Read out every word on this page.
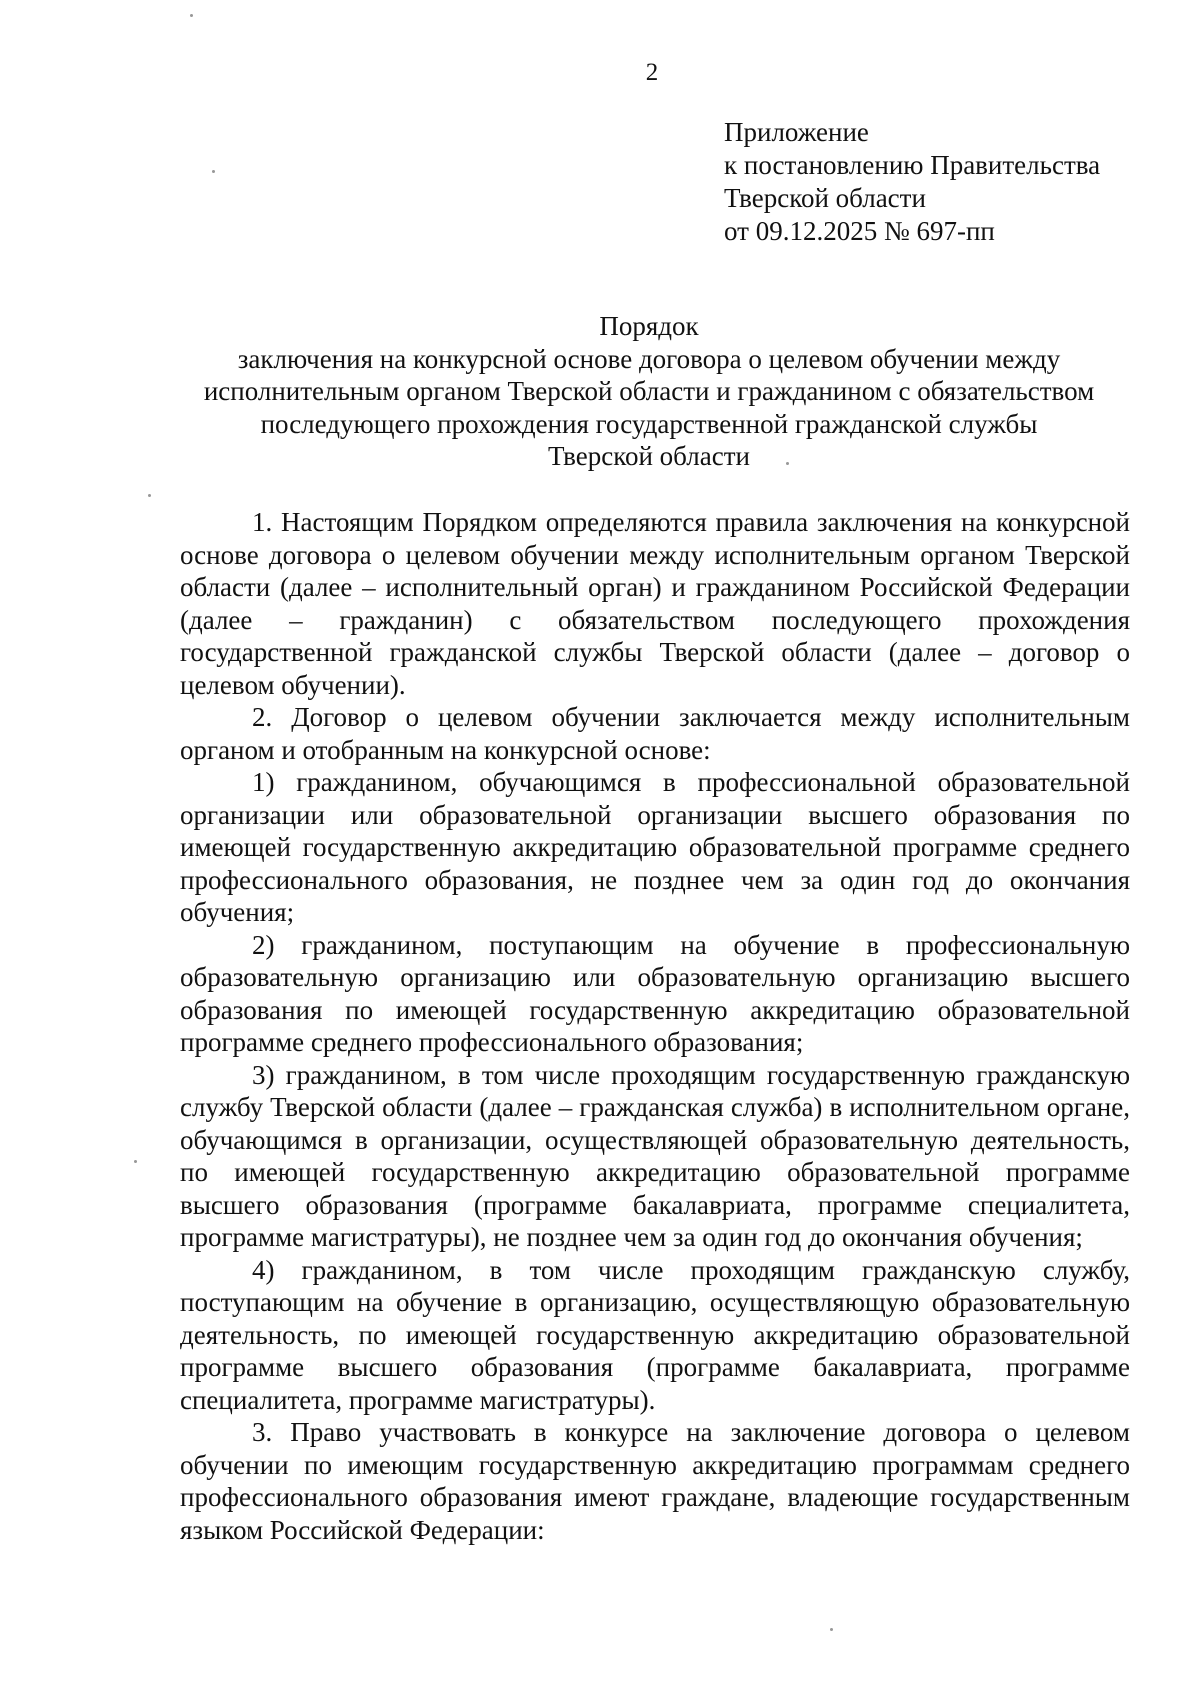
2
Приложение
к постановлению Правительства
Тверской области
от 09.12.2025 № 697-пп
Порядок
заключения на конкурсной основе договора о целевом обучении между
исполнительным органом Тверской области и гражданином с обязательством
последующего прохождения государственной гражданской службы
Тверской области

1. Настоящим Порядком определяются правила заключения на конкурсной основе договора о целевом обучении между исполнительным органом Тверской области (далее – исполнительный орган) и гражданином Российской Федерации (далее – гражданин) с обязательством последующего прохождения государственной гражданской службы Тверской области (далее – договор о целевом обучении).

2. Договор о целевом обучении заключается между исполнительным органом и отобранным на конкурсной основе:

1) гражданином, обучающимся в профессиональной образовательной организации или образовательной организации высшего образования по имеющей государственную аккредитацию образовательной программе среднего профессионального образования, не позднее чем за один год до окончания обучения;

2) гражданином, поступающим на обучение в профессиональную образовательную организацию или образовательную организацию высшего образования по имеющей государственную аккредитацию образовательной программе среднего профессионального образования;

3) гражданином, в том числе проходящим государственную гражданскую службу Тверской области (далее – гражданская служба) в исполнительном органе, обучающимся в организации, осуществляющей образовательную деятельность, по имеющей государственную аккредитацию образовательной программе высшего образования (программе бакалавриата, программе специалитета, программе магистратуры), не позднее чем за один год до окончания обучения;

4) гражданином, в том числе проходящим гражданскую службу, поступающим на обучение в организацию, осуществляющую образовательную деятельность, по имеющей государственную аккредитацию образовательной программе высшего образования (программе бакалавриата, программе специалитета, программе магистратуры).

3. Право участвовать в конкурсе на заключение договора о целевом обучении по имеющим государственную аккредитацию программам среднего профессионального образования имеют граждане, владеющие государственным языком Российской Федерации:
